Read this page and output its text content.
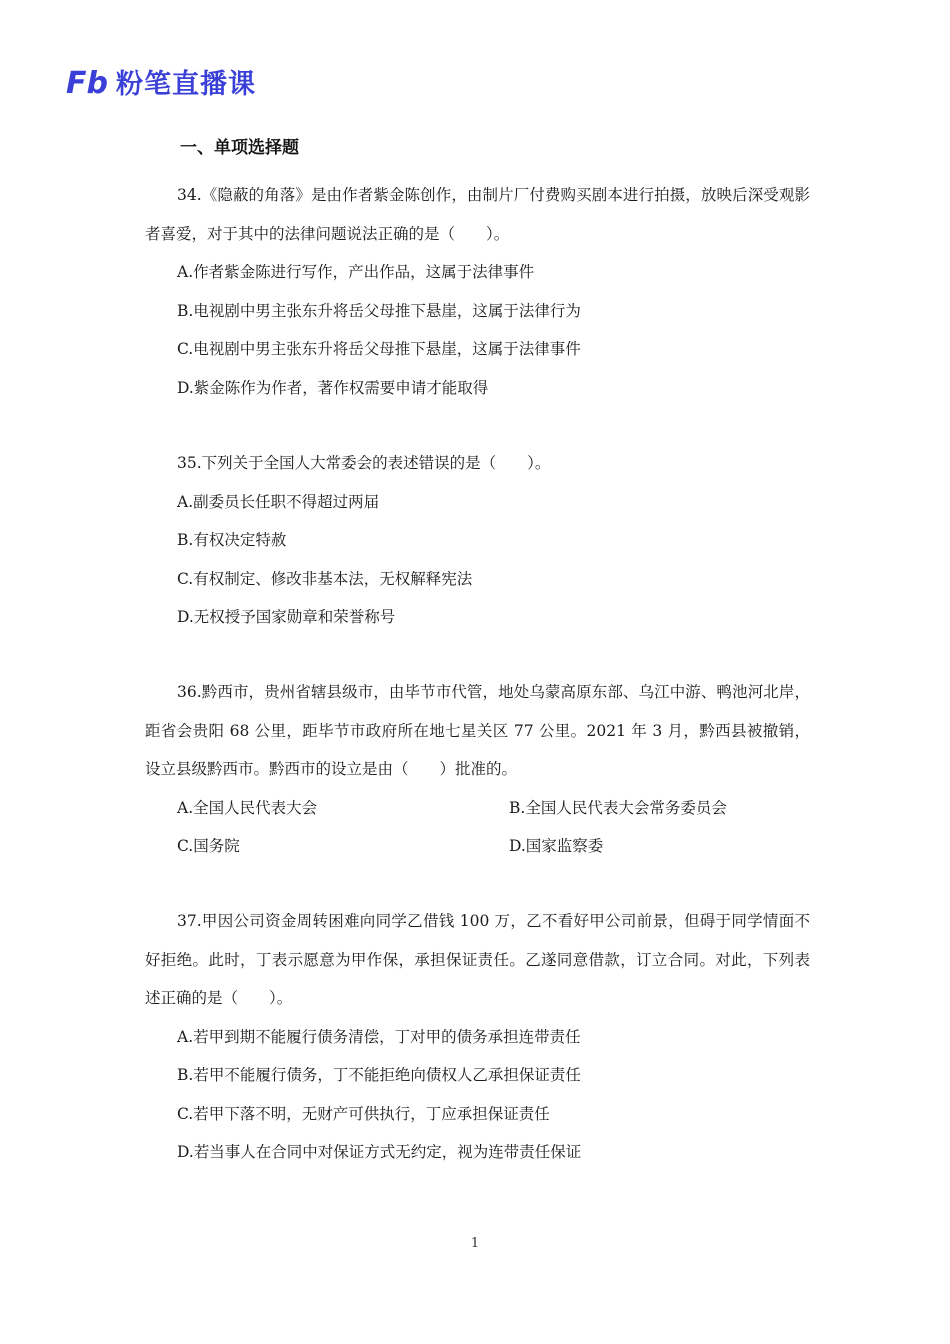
Fb 粉笔直播课
一、单项选择题

34.《隐蔽的角落》是由作者紫金陈创作，由制片厂付费购买剧本进行拍摄，放映后深受观影者喜爱，对于其中的法律问题说法正确的是（　　）。

A.作者紫金陈进行写作，产出作品，这属于法律事件

B.电视剧中男主张东升将岳父母推下悬崖，这属于法律行为

C.电视剧中男主张东升将岳父母推下悬崖，这属于法律事件

D.紫金陈作为作者，著作权需要申请才能取得

35.下列关于全国人大常委会的表述错误的是（　　）。

A.副委员长任职不得超过两届

B.有权决定特赦

C.有权制定、修改非基本法，无权解释宪法

D.无权授予国家勋章和荣誉称号

36.黔西市，贵州省辖县级市，由毕节市代管，地处乌蒙高原东部、乌江中游、鸭池河北岸，距省会贵阳 68 公里，距毕节市政府所在地七星关区 77 公里。2021 年 3 月，黔西县被撤销，设立县级黔西市。黔西市的设立是由（　　）批准的。

A.全国人民代表大会	B.全国人民代表大会常务委员会

C.国务院	D.国家监察委

37.甲因公司资金周转困难向同学乙借钱 100 万，乙不看好甲公司前景，但碍于同学情面不好拒绝。此时，丁表示愿意为甲作保，承担保证责任。乙遂同意借款，订立合同。对此，下列表述正确的是（　　）。

A.若甲到期不能履行债务清偿，丁对甲的债务承担连带责任

B.若甲不能履行债务，丁不能拒绝向债权人乙承担保证责任

C.若甲下落不明，无财产可供执行，丁应承担保证责任

D.若当事人在合同中对保证方式无约定，视为连带责任保证

1
